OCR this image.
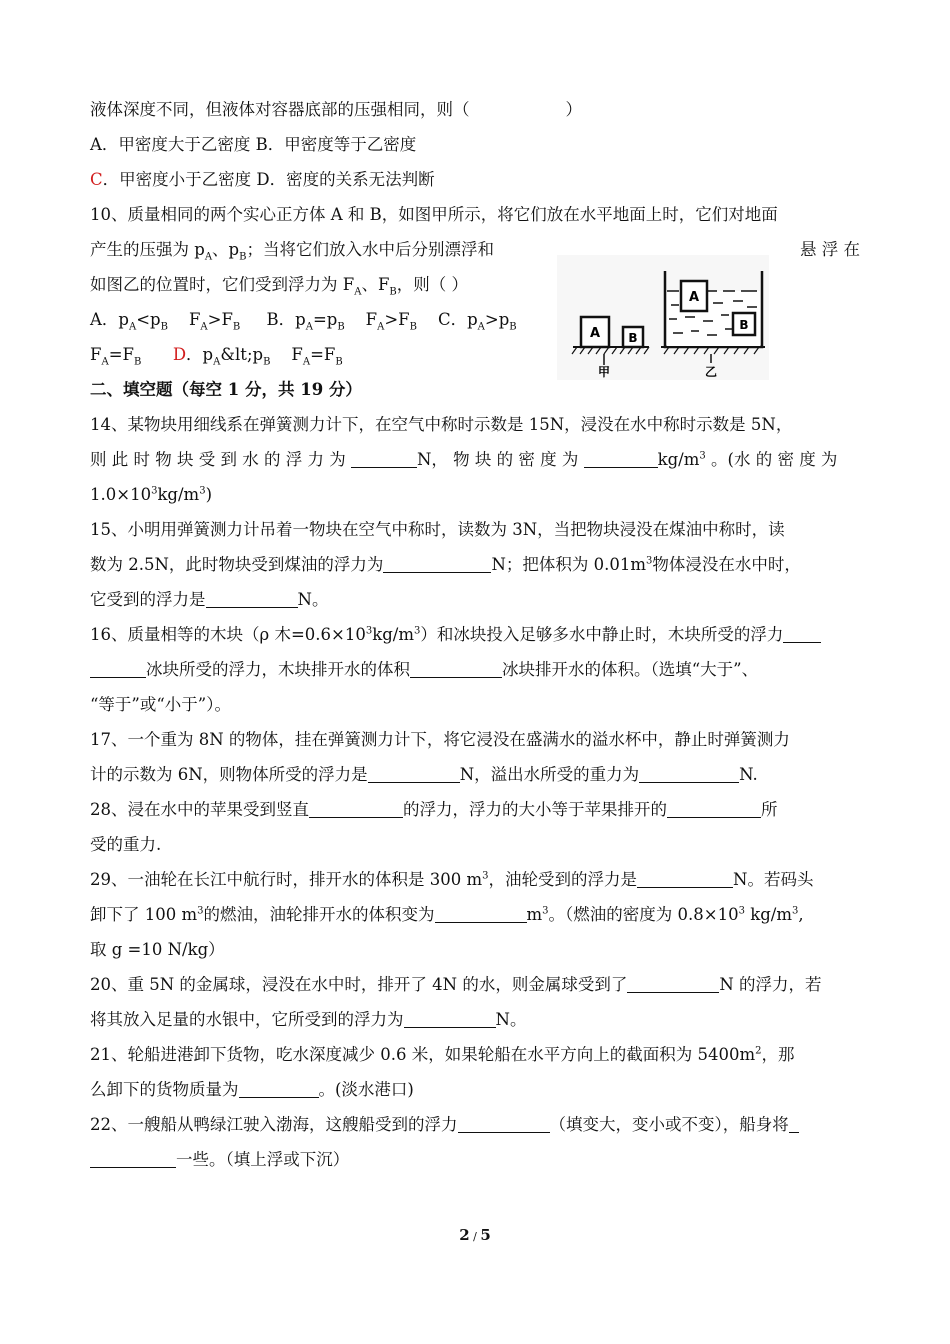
液体深度不同，但液体对容器底部的压强相同，则（	）
A．甲密度大于乙密度 B．甲密度等于乙密度
C．甲密度小于乙密度 D．密度的关系无法判断
10、质量相同的两个实心正方体 A 和 B，如图甲所示，将它们放在水平地面上时，它们对地面
产生的压强为 $p_A$、$p_B$；当将它们放入水中后分别漂浮和	悬 浮 在
如图乙的位置时，它们受到浮力为 $F_A$、$F_B$，则（ ）
A．$p_A<p_B$    $F_A>F_B$ B．$p_A=p_B$    $F_A>F_B$ C．$p_A>p_B$
$F_A=F_B$ D．$p_A\&lt;p_B$ $F_A=F_B$
二、填空题（每空 1 分，共 19 分）
14、某物块用细线系在弹簧测力计下，在空气中称时示数是 15N，浸没在水中称时示数是 5N，
则 此 时 物 块 受 到 水 的 浮 力 为	N， 物 块 的 密 度 为	$kg/m^3$ 。(水 的 密 度 为
$1.0\times 10^3kg/m^3$)
15、小明用弹簧测力计吊着一物块在空气中称时，读数为 3N，当把物块浸没在煤油中称时，读
数为 2.5N，此时物块受到煤油的浮力为	N；把体积为 $0.01m^3$物体浸没在水中时，
它受到的浮力是	N。
16、质量相等的木块（ρ 木$=0.6\times 10^3kg/m^3$）和冰块投入足够多水中静止时，木块所受的浮力
冰块所受的浮力，木块排开水的体积	冰块排开水的体积。（选填“大于”、
“等于”或“小于”）。
17、一个重为 8N 的物体，挂在弹簧测力计下，将它浸没在盛满水的溢水杯中，静止时弹簧测力
计的示数为 6N，则物体所受的浮力是	N，溢出水所受的重力为	N.
28、浸在水中的苹果受到竖直	的浮力，浮力的大小等于苹果排开的	所
受的重力.
29、一油轮在长江中航行时，排开水的体积是 300 $m^3$，油轮受到的浮力是	N。若码头
卸下了 100 $m^3$的燃油，油轮排开水的体积变为	$m^3$。（燃油的密度为 $0.8\times 10^3$ $kg/m^3$,
取 g =10 N/kg）
20、重 5N 的金属球，浸没在水中时，排开了 4N 的水，则金属球受到了	N 的浮力，若
将其放入足量的水银中，它所受到的浮力为	N。
21、轮船进港卸下货物，吃水深度减少 0.6 米，如果轮船在水平方向上的截面积为 $5400m^2$，那
么卸下的货物质量为	。(淡水港口)
22、一艘船从鸭绿江驶入渤海，这艘船受到的浮力	（填变大，变小或不变），船身将
一些。（填上浮或下沉）
A B
甲
A
B
乙
2 / 5
